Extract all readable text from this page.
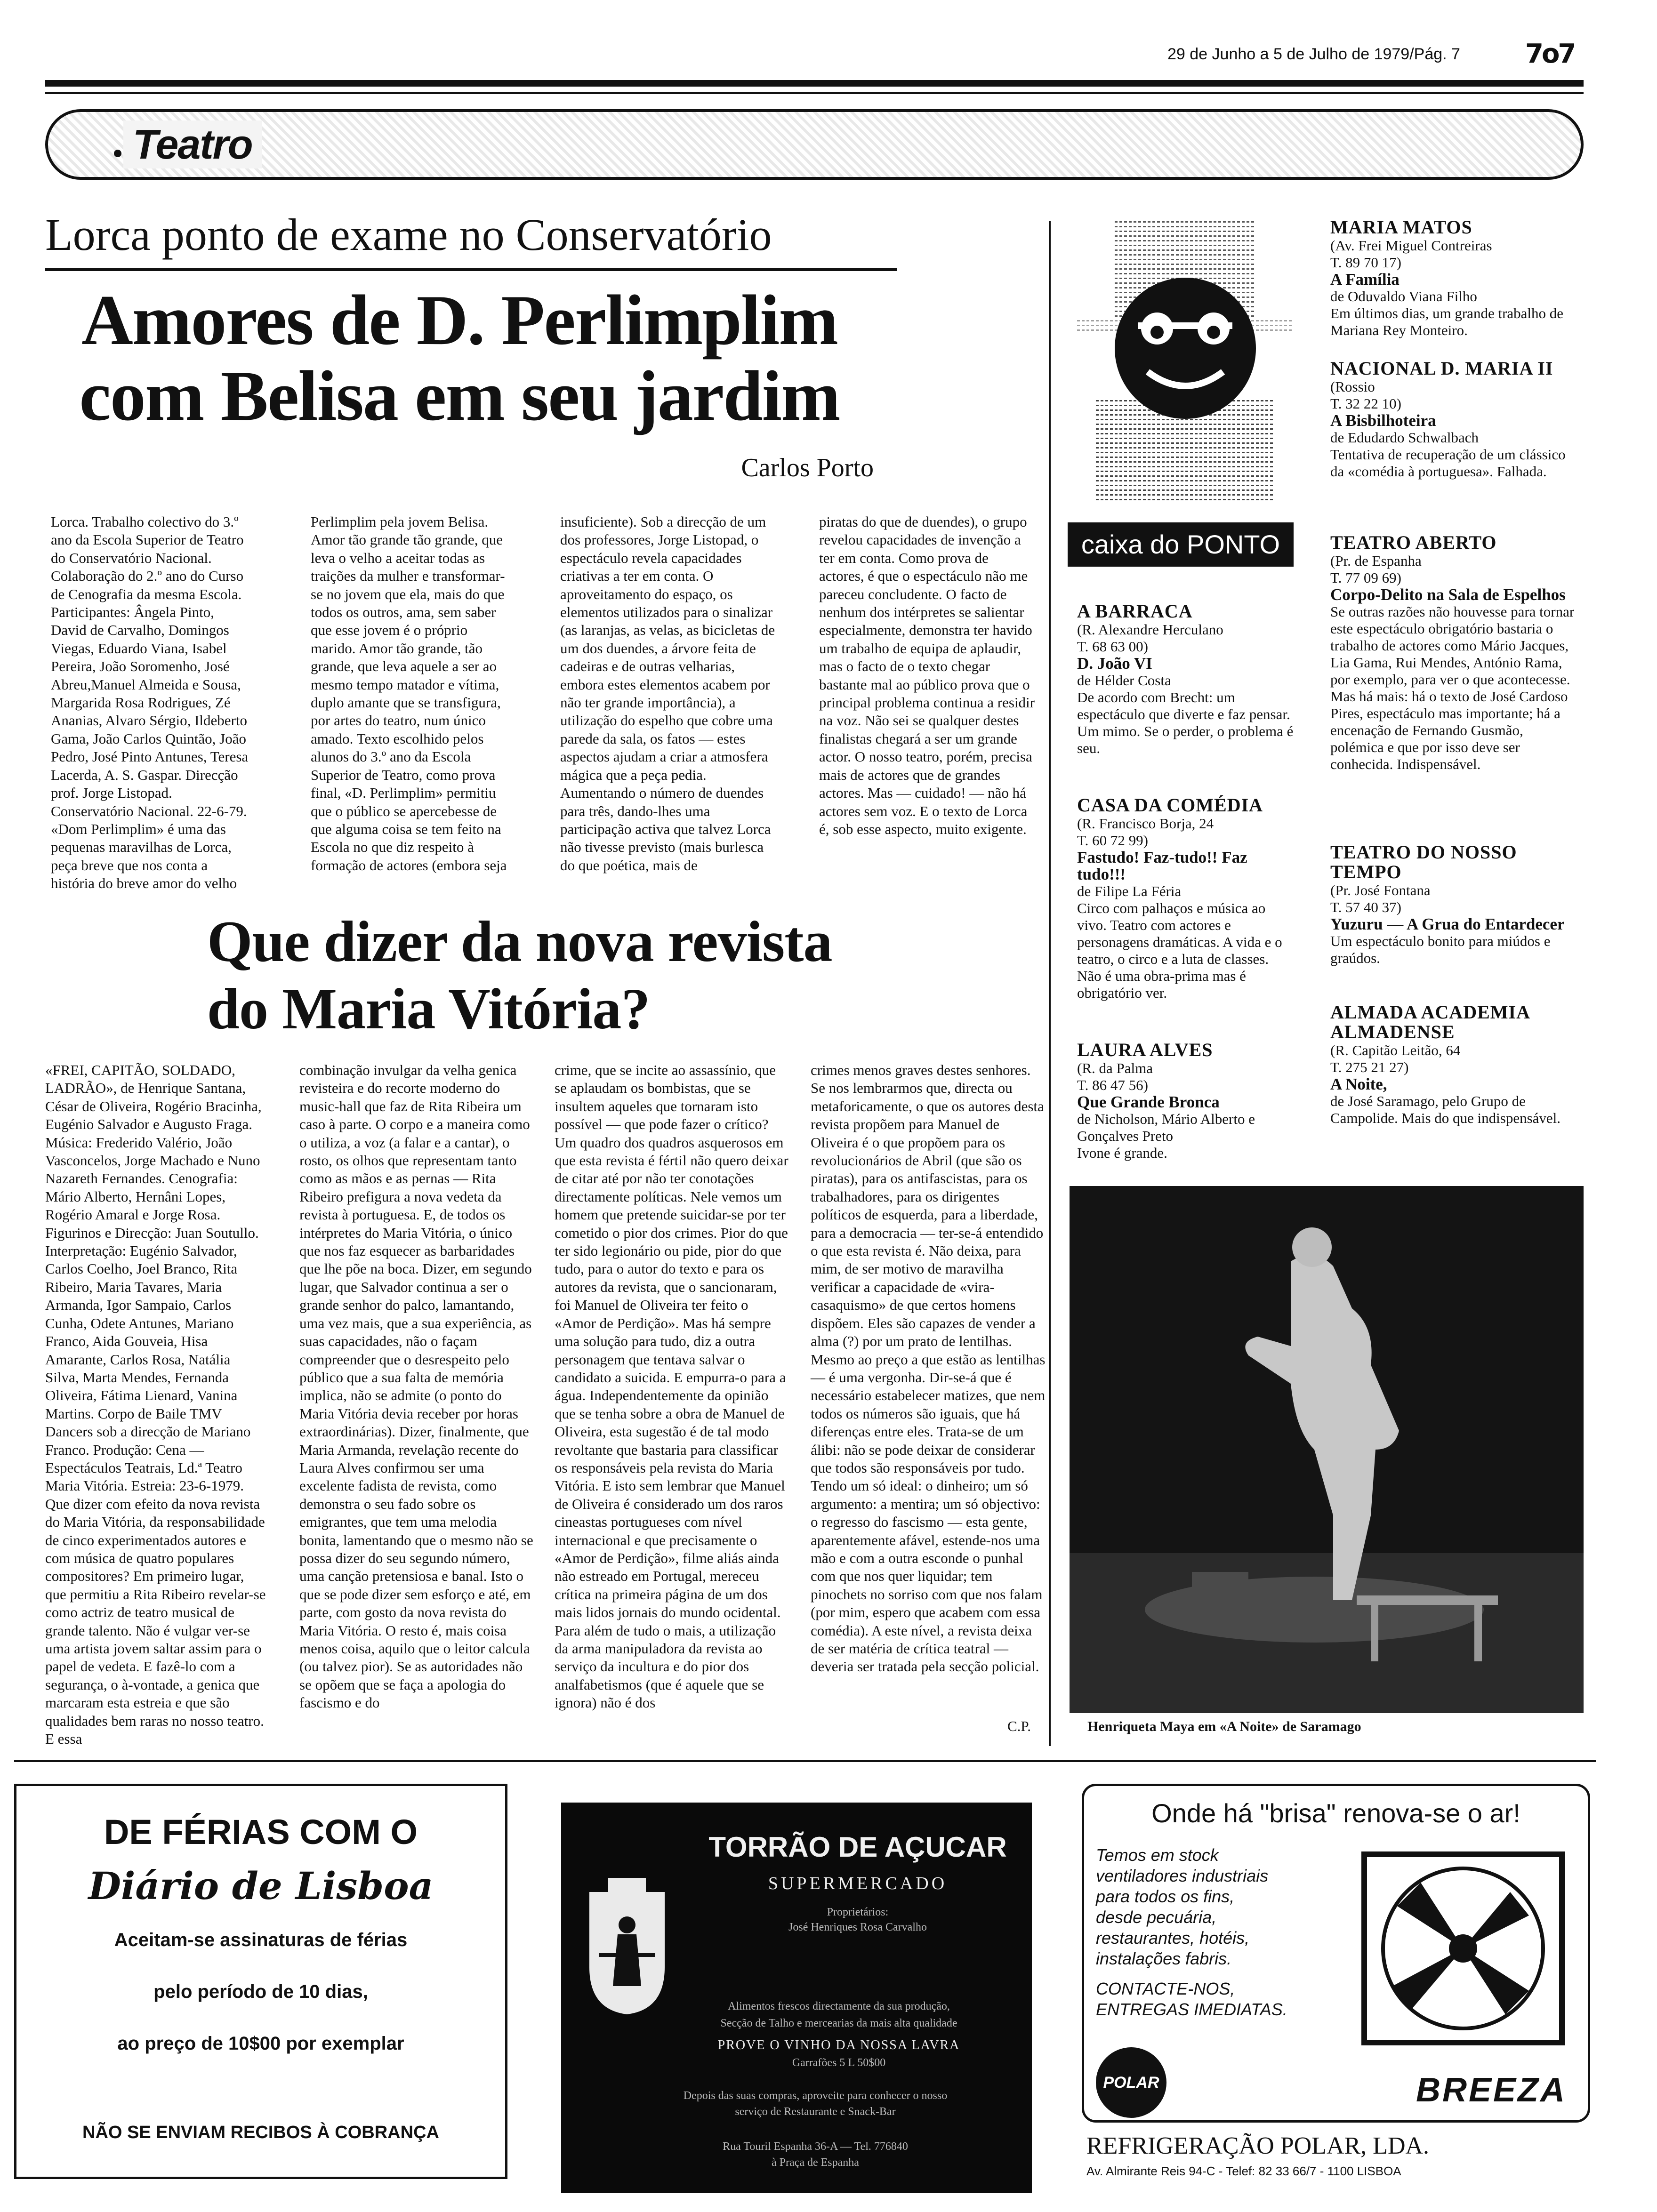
29 de Junho a 5 de Julho de 1979/Pág. 7 7o7
Teatro
Lorca ponto de exame no Conservatório
Amores de D. Perlimplim
com Belisa em seu jardim
Carlos Porto

Lorca. Trabalho colectivo do 3.º ano da Escola Superior de Teatro do Conservatório Nacional. Colaboração do 2.º ano do Curso de Cenografia da mesma Escola. Participantes: Ângela Pinto, David de Carvalho, Domingos Viegas, Eduardo Viana, Isabel Pereira, João Soromenho, José Abreu,Manuel Almeida e Sousa, Margarida Rosa Rodrigues, Zé Ananias, Alvaro Sérgio, Ildeberto Gama, João Carlos Quintão, João Pedro, José Pinto Antunes, Teresa Lacerda, A. S. Gaspar. Direcção prof. Jorge Listopad. Conservatório Nacional. 22-6-79. «Dom Perlimplim» é uma das pequenas maravilhas de Lorca, peça breve que nos conta a história do breve amor do velho

Perlimplim pela jovem Belisa. Amor tão grande tão grande, que leva o velho a aceitar todas as traições da mulher e transformar-se no jovem que ela, mais do que todos os outros, ama, sem saber que esse jovem é o próprio marido. Amor tão grande, tão grande, que leva aquele a ser ao mesmo tempo matador e vítima, duplo amante que se transfigura, por artes do teatro, num único amado. Texto escolhido pelos alunos do 3.º ano da Escola Superior de Teatro, como prova final, «D. Perlimplim» permitiu que o público se apercebesse de que alguma coisa se tem feito na Escola no que diz respeito à formação de actores (embora seja

insuficiente). Sob a direcção de um dos professores, Jorge Listopad, o espectáculo revela capacidades criativas a ter em conta. O aproveitamento do espaço, os elementos utilizados para o sinalizar (as laranjas, as velas, as bicicletas de um dos duendes, a árvore feita de cadeiras e de outras velharias, embora estes elementos acabem por não ter grande importância), a utilização do espelho que cobre uma parede da sala, os fatos — estes aspectos ajudam a criar a atmosfera mágica que a peça pedia. Aumentando o número de duendes para três, dando-lhes uma participação activa que talvez Lorca não tivesse previsto (mais burlesca do que poética, mais de

piratas do que de duendes), o grupo revelou capacidades de invenção a ter em conta. Como prova de actores, é que o espectáculo não me pareceu concludente. O facto de nenhum dos intérpretes se salientar especialmente, demonstra ter havido um trabalho de equipa de aplaudir, mas o facto de o texto chegar bastante mal ao público prova que o principal problema continua a residir na voz. Não sei se qualquer destes finalistas chegará a ser um grande actor. O nosso teatro, porém, precisa mais de actores que de grandes actores. Mas — cuidado! — não há actores sem voz. E o texto de Lorca é, sob esse aspecto, muito exigente.

Que dizer da nova revista
do Maria Vitória?

«FREI, CAPITÃO, SOLDADO, LADRÃO», de Henrique Santana, César de Oliveira, Rogério Bracinha, Eugénio Salvador e Augusto Fraga. Música: Frederido Valério, João Vasconcelos, Jorge Machado e Nuno Nazareth Fernandes. Cenografia: Mário Alberto, Hernâni Lopes, Rogério Amaral e Jorge Rosa. Figurinos e Direcção: Juan Soutullo. Interpretação: Eugénio Salvador, Carlos Coelho, Joel Branco, Rita Ribeiro, Maria Tavares, Maria Armanda, Igor Sampaio, Carlos Cunha, Odete Antunes, Mariano Franco, Aida Gouveia, Hisa Amarante, Carlos Rosa, Natália Silva, Marta Mendes, Fernanda Oliveira, Fátima Lienard, Vanina Martins. Corpo de Baile TMV Dancers sob a direcção de Mariano Franco. Produção: Cena — Espectáculos Teatrais, Ld.ª Teatro Maria Vitória. Estreia: 23-6-1979. Que dizer com efeito da nova revista do Maria Vitória, da responsabilidade de cinco experimentados autores e com música de quatro populares compositores? Em primeiro lugar, que permitiu a Rita Ribeiro revelar-se como actriz de teatro musical de grande talento. Não é vulgar ver-se uma artista jovem saltar assim para o papel de vedeta. E fazê-lo com a segurança, o à-vontade, a genica que marcaram esta estreia e que são qualidades bem raras no nosso teatro. E essa

combinação invulgar da velha genica revisteira e do recorte moderno do music-hall que faz de Rita Ribeira um caso à parte. O corpo e a maneira como o utiliza, a voz (a falar e a cantar), o rosto, os olhos que representam tanto como as mãos e as pernas — Rita Ribeiro prefigura a nova vedeta da revista à portuguesa. E, de todos os intérpretes do Maria Vitória, o único que nos faz esquecer as barbaridades que lhe põe na boca. Dizer, em segundo lugar, que Salvador continua a ser o grande senhor do palco, lamantando, uma vez mais, que a sua experiência, as suas capacidades, não o façam compreender que o desrespeito pelo público que a sua falta de memória implica, não se admite (o ponto do Maria Vitória devia receber por horas extraordinárias). Dizer, finalmente, que Maria Armanda, revelação recente do Laura Alves confirmou ser uma excelente fadista de revista, como demonstra o seu fado sobre os emigrantes, que tem uma melodia bonita, lamentando que o mesmo não se possa dizer do seu segundo número, uma canção pretensiosa e banal. Isto o que se pode dizer sem esforço e até, em parte, com gosto da nova revista do Maria Vitória. O resto é, mais coisa menos coisa, aquilo que o leitor calcula (ou talvez pior). Se as autoridades não se opõem que se faça a apologia do fascismo e do

crime, que se incite ao assassínio, que se aplaudam os bombistas, que se insultem aqueles que tornaram isto possível — que pode fazer o crítico? Um quadro dos quadros asquerosos em que esta revista é fértil não quero deixar de citar até por não ter conotações directamente políticas. Nele vemos um homem que pretende suicidar-se por ter cometido o pior dos crimes. Pior do que ter sido legionário ou pide, pior do que tudo, para o autor do texto e para os autores da revista, que o sancionaram, foi Manuel de Oliveira ter feito o «Amor de Perdição». Mas há sempre uma solução para tudo, diz a outra personagem que tentava salvar o candidato a suicida. E empurra-o para a água. Independentemente da opinião que se tenha sobre a obra de Manuel de Oliveira, esta sugestão é de tal modo revoltante que bastaria para classificar os responsáveis pela revista do Maria Vitória. E isto sem lembrar que Manuel de Oliveira é considerado um dos raros cineastas portugueses com nível internacional e que precisamente o «Amor de Perdição», filme aliás ainda não estreado em Portugal, mereceu crítica na primeira página de um dos mais lidos jornais do mundo ocidental. Para além de tudo o mais, a utilização da arma manipuladora da revista ao serviço da incultura e do pior dos analfabetismos (que é aquele que se ignora) não é dos

crimes menos graves destes senhores. Se nos lembrarmos que, directa ou metaforicamente, o que os autores desta revista propõem para Manuel de Oliveira é o que propõem para os revolucionários de Abril (que são os piratas), para os antifascistas, para os trabalhadores, para os dirigentes políticos de esquerda, para a liberdade, para a democracia — ter-se-á entendido o que esta revista é. Não deixa, para mim, de ser motivo de maravilha verificar a capacidade de «vira-casaquismo» de que certos homens dispõem. Eles são capazes de vender a alma (?) por um prato de lentilhas. Mesmo ao preço a que estão as lentilhas — é uma vergonha. Dir-se-á que é necessário estabelecer matizes, que nem todos os números são iguais, que há diferenças entre eles. Trata-se de um álibi: não se pode deixar de considerar que todos são responsáveis por tudo. Tendo um só ideal: o dinheiro; um só argumento: a mentira; um só objectivo: o regresso do fascismo — esta gente, aparentemente afável, estende-nos uma mão e com a outra esconde o punhal com que nos quer liquidar; tem pinochets no sorriso com que nos falam (por mim, espero que acabem com essa comédia). A este nível, a revista deixa de ser matéria de crítica teatral — deveria ser tratada pela secção policial.

C.P.
caixa do PONTO
A BARRACA
(R. Alexandre Herculano
T. 68 63 00)
D. João VI
de Hélder Costa
De acordo com Brecht: um espectáculo que diverte e faz pensar. Um mimo. Se o perder, o problema é seu.
CASA DA COMÉDIA
(R. Francisco Borja, 24
T. 60 72 99)
Fastudo! Faz-tudo!! Faz tudo!!!
de Filipe La Féria
Circo com palhaços e música ao vivo. Teatro com actores e personagens dramáticas. A vida e o teatro, o circo e a luta de classes. Não é uma obra-prima mas é obrigatório ver.
LAURA ALVES
(R. da Palma
T. 86 47 56)
Que Grande Bronca
de Nicholson, Mário Alberto e Gonçalves Preto
Ivone é grande.
MARIA MATOS
(Av. Frei Miguel Contreiras
T. 89 70 17)
A Família
de Oduvaldo Viana Filho
Em últimos dias, um grande trabalho de Mariana Rey Monteiro.
NACIONAL D. MARIA II
(Rossio
T. 32 22 10)
A Bisbilhoteira
de Edudardo Schwalbach
Tentativa de recuperação de um clássico da «comédia à portuguesa». Falhada.
TEATRO ABERTO
(Pr. de Espanha
T. 77 09 69)
Corpo-Delito na Sala de Espelhos
Se outras razões não houvesse para tornar este espectáculo obrigatório bastaria o trabalho de actores como Mário Jacques, Lia Gama, Rui Mendes, António Rama, por exemplo, para ver o que acontecesse. Mas há mais: há o texto de José Cardoso Pires, espectáculo mas importante; há a encenação de Fernando Gusmão, polémica e que por isso deve ser conhecida. Indispensável.
TEATRO DO NOSSO TEMPO
(Pr. José Fontana
T. 57 40 37)
Yuzuru — A Grua do Entardecer
Um espectáculo bonito para miúdos e graúdos.
ALMADA ACADEMIA ALMADENSE
(R. Capitão Leitão, 64
T. 275 21 27)
A Noite,
de José Saramago, pelo Grupo de Campolide. Mais do que indispensável.
Henriqueta Maya em «A Noite» de Saramago
DE FÉRIAS COM O
Diário de Lisboa
Aceitam-se assinaturas de férias
pelo período de 10 dias,
ao preço de 10$00 por exemplar
NÃO SE ENVIAM RECIBOS À COBRANÇA
TORRÃO DE AÇUCAR
SUPERMERCADO
Proprietários:
José Henriques Rosa Carvalho
Alimentos frescos directamente da sua produção,
Secção de Talho e mercearias da mais alta qualidade
PROVE O VINHO DA NOSSA LAVRA
Garrafões 5 L 50$00
Depois das suas compras, aproveite para conhecer o nosso
serviço de Restaurante e Snack-Bar
Rua Touril Espanha 36-A — Tel. 776840
à Praça de Espanha
Onde há "brisa" renova-se o ar!
Temos em stock
ventiladores industriais
para todos os fins,
desde pecuária,
restaurantes, hotéis,
instalações fabris.
CONTACTE-NOS,
ENTREGAS IMEDIATAS.
POLAR	BREEZA
REFRIGERAÇÃO POLAR, LDA.
Av. Almirante Reis 94-C - Telef: 82 33 66/7 - 1100 LISBOA
